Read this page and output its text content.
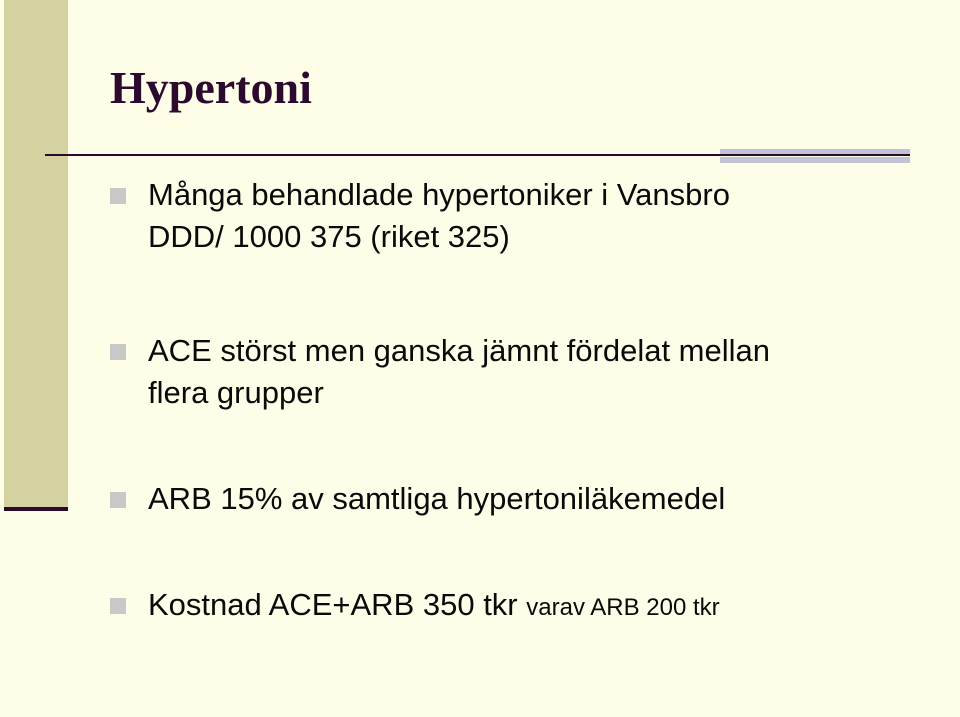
Hypertoni
Många behandlade hypertoniker i Vansbro
DDD/ 1000 375 (riket 325)
ACE störst men ganska jämnt fördelat mellan
flera grupper
ARB 15% av samtliga hypertoniläkemedel
Kostnad ACE+ARB 350 tkr varav ARB 200 tkr
